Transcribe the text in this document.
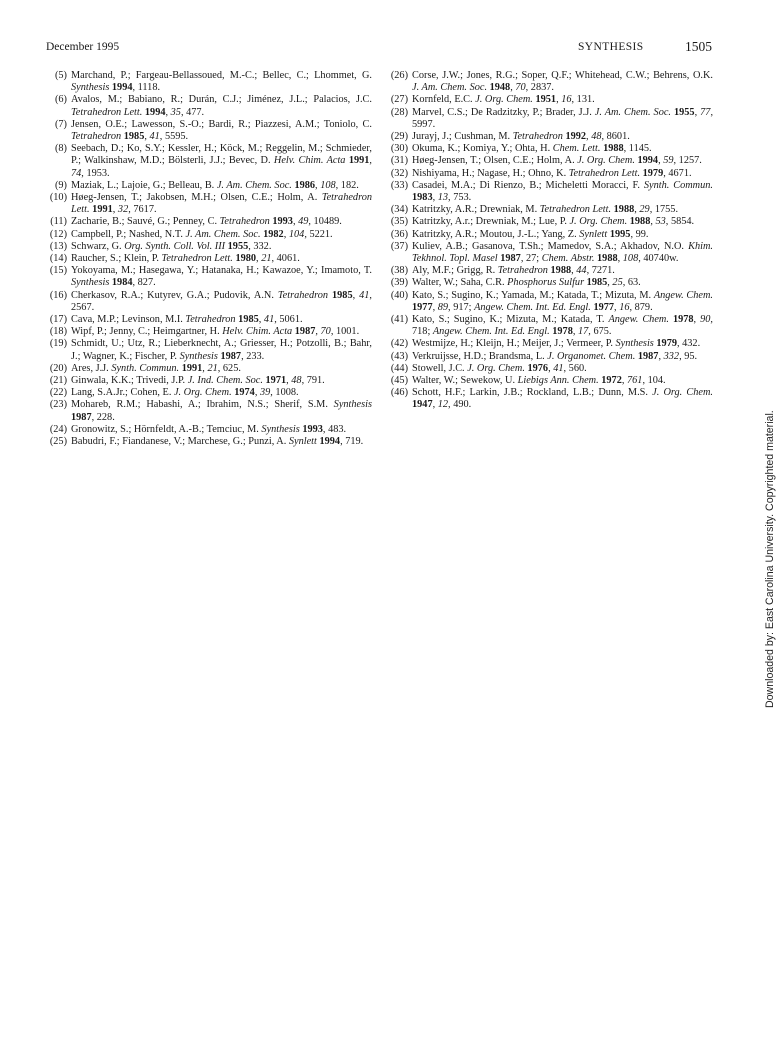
December 1995	SYNTHESIS	1505
(5) Marchand, P.; Fargeau-Bellassoued, M.-C.; Bellec, C.; Lhommet, G. Synthesis 1994, 1118.
(6) Avalos, M.; Babiano, R.; Durán, C.J.; Jiménez, J.L.; Palacios, J.C. Tetrahedron Lett. 1994, 35, 477.
(7) Jensen, O.E.; Lawesson, S.-O.; Bardi, R.; Piazzesi, A.M.; Toniolo, C. Tetrahedron 1985, 41, 5595.
(8) Seebach, D.; Ko, S.Y.; Kessler, H.; Köck, M.; Reggelin, M.; Schmieder, P.; Walkinshaw, M.D.; Bölsterli, J.J.; Bevec, D. Helv. Chim. Acta 1991, 74, 1953.
(9) Maziak, L.; Lajoie, G.; Belleau, B. J. Am. Chem. Soc. 1986, 108, 182.
(10) Høeg-Jensen, T.; Jakobsen, M.H.; Olsen, C.E.; Holm, A. Tetrahedron Lett. 1991, 32, 7617.
(11) Zacharie, B.; Sauvé, G.; Penney, C. Tetrahedron 1993, 49, 10489.
(12) Campbell, P.; Nashed, N.T. J. Am. Chem. Soc. 1982, 104, 5221.
(13) Schwarz, G. Org. Synth. Coll. Vol. III 1955, 332.
(14) Raucher, S.; Klein, P. Tetrahedron Lett. 1980, 21, 4061.
(15) Yokoyama, M.; Hasegawa, Y.; Hatanaka, H.; Kawazoe, Y.; Imamoto, T. Synthesis 1984, 827.
(16) Cherkasov, R.A.; Kutyrev, G.A.; Pudovik, A.N. Tetrahedron 1985, 41, 2567.
(17) Cava, M.P.; Levinson, M.I. Tetrahedron 1985, 41, 5061.
(18) Wipf, P.; Jenny, C.; Heimgartner, H. Helv. Chim. Acta 1987, 70, 1001.
(19) Schmidt, U.; Utz, R.; Lieberknecht, A.; Griesser, H.; Potzolli, B.; Bahr, J.; Wagner, K.; Fischer, P. Synthesis 1987, 233.
(20) Ares, J.J. Synth. Commun. 1991, 21, 625.
(21) Ginwala, K.K.; Trivedi, J.P. J. Ind. Chem. Soc. 1971, 48, 791.
(22) Lang, S.A.Jr.; Cohen, E. J. Org. Chem. 1974, 39, 1008.
(23) Mohareb, R.M.; Habashi, A.; Ibrahim, N.S.; Sherif, S.M. Synthesis 1987, 228.
(24) Gronowitz, S.; Hörnfeldt, A.-B.; Temciuc, M. Synthesis 1993, 483.
(25) Babudri, F.; Fiandanese, V.; Marchese, G.; Punzi, A. Synlett 1994, 719.
(26) Corse, J.W.; Jones, R.G.; Soper, Q.F.; Whitehead, C.W.; Behrens, O.K. J. Am. Chem. Soc. 1948, 70, 2837.
(27) Kornfeld, E.C. J. Org. Chem. 1951, 16, 131.
(28) Marvel, C.S.; De Radzitzky, P.; Brader, J.J. J. Am. Chem. Soc. 1955, 77, 5997.
(29) Jurayj, J.; Cushman, M. Tetrahedron 1992, 48, 8601.
(30) Okuma, K.; Komiya, Y.; Ohta, H. Chem. Lett. 1988, 1145.
(31) Høeg-Jensen, T.; Olsen, C.E.; Holm, A. J. Org. Chem. 1994, 59, 1257.
(32) Nishiyama, H.; Nagase, H.; Ohno, K. Tetrahedron Lett. 1979, 4671.
(33) Casadei, M.A.; Di Rienzo, B.; Micheletti Moracci, F. Synth. Commun. 1983, 13, 753.
(34) Katritzky, A.R.; Drewniak, M. Tetrahedron Lett. 1988, 29, 1755.
(35) Katritzky, A.r.; Drewniak, M.; Lue, P. J. Org. Chem. 1988, 53, 5854.
(36) Katritzky, A.R.; Moutou, J.-L.; Yang, Z. Synlett 1995, 99.
(37) Kuliev, A.B.; Gasanova, T.Sh.; Mamedov, S.A.; Akhadov, N.O. Khim. Tekhnol. Topl. Masel 1987, 27; Chem. Abstr. 1988, 108, 40740w.
(38) Aly, M.F.; Grigg, R. Tetrahedron 1988, 44, 7271.
(39) Walter, W.; Saha, C.R. Phosphorus Sulfur 1985, 25, 63.
(40) Kato, S.; Sugino, K.; Yamada, M.; Katada, T.; Mizuta, M. Angew. Chem. 1977, 89, 917; Angew. Chem. Int. Ed. Engl. 1977, 16, 879.
(41) Kato, S.; Sugino, K.; Mizuta, M.; Katada, T. Angew. Chem. 1978, 90, 718; Angew. Chem. Int. Ed. Engl. 1978, 17, 675.
(42) Westmijze, H.; Kleijn, H.; Meijer, J.; Vermeer, P. Synthesis 1979, 432.
(43) Verkruijsse, H.D.; Brandsma, L. J. Organomet. Chem. 1987, 332, 95.
(44) Stowell, J.C. J. Org. Chem. 1976, 41, 560.
(45) Walter, W.; Sewekow, U. Liebigs Ann. Chem. 1972, 761, 104.
(46) Schott, H.F.; Larkin, J.B.; Rockland, L.B.; Dunn, M.S. J. Org. Chem. 1947, 12, 490.
Downloaded by: East Carolina University. Copyrighted material.
